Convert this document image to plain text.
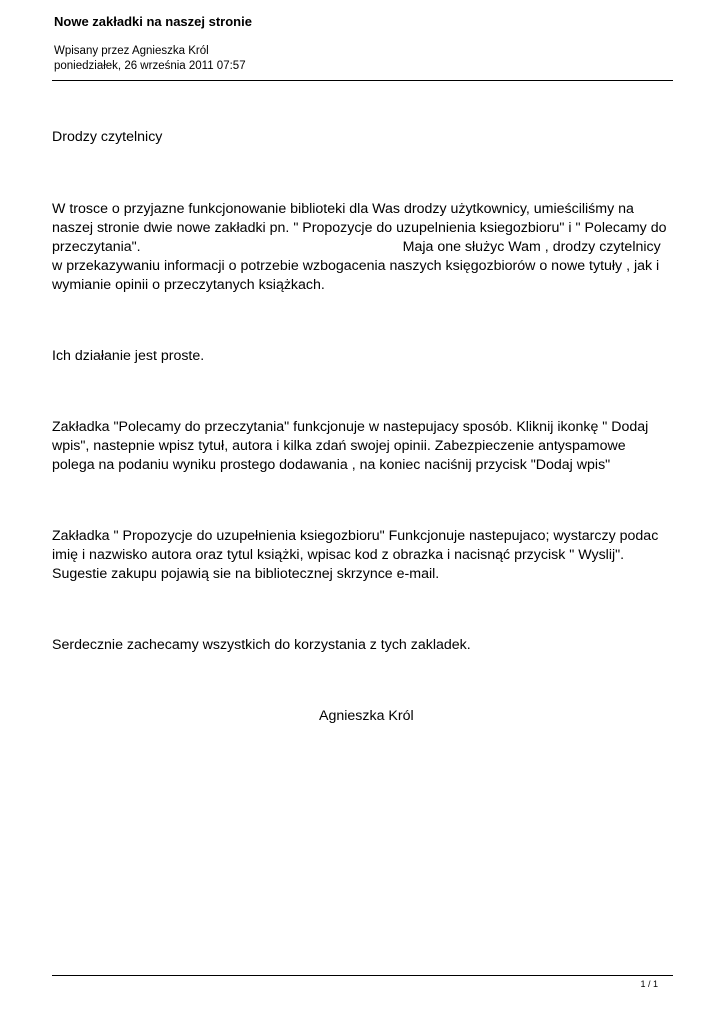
Nowe zakładki na naszej stronie

Wpisany przez Agnieszka Król
poniedziałek, 26 września 2011 07:57

Drodzy czytelnicy

W trosce o przyjazne funkcjonowanie biblioteki dla Was drodzy użytkownicy, umieściliśmy na naszej stronie dwie nowe zakładki pn. " Propozycje do uzupelnienia ksiegozbioru" i " Polecamy do przeczytania".	Maja one służyc Wam , drodzy czytelnicy w przekazywaniu informacji o potrzebie wzbogacenia naszych księgozbiorów o nowe tytuły , jak i wymianie opinii o przeczytanych książkach.

Ich działanie jest proste.

Zakładka "Polecamy do przeczytania" funkcjonuje w nastepujacy sposób. Kliknij ikonkę " Dodaj wpis", nastepnie wpisz tytuł, autora i kilka zdań swojej opinii. Zabezpieczenie antyspamowe polega na podaniu wyniku prostego dodawania , na koniec naciśnij przycisk "Dodaj wpis"

Zakładka " Propozycje do uzupełnienia ksiegozbioru" Funkcjonuje nastepujaco; wystarczy podac imię i nazwisko autora oraz tytul książki, wpisac kod z obrazka i nacisnąć przycisk " Wyslij". Sugestie zakupu pojawią sie na bibliotecznej skrzynce e-mail.

Serdecznie zachecamy wszystkich do korzystania z tych zakladek.

Agnieszka Król

1 / 1
